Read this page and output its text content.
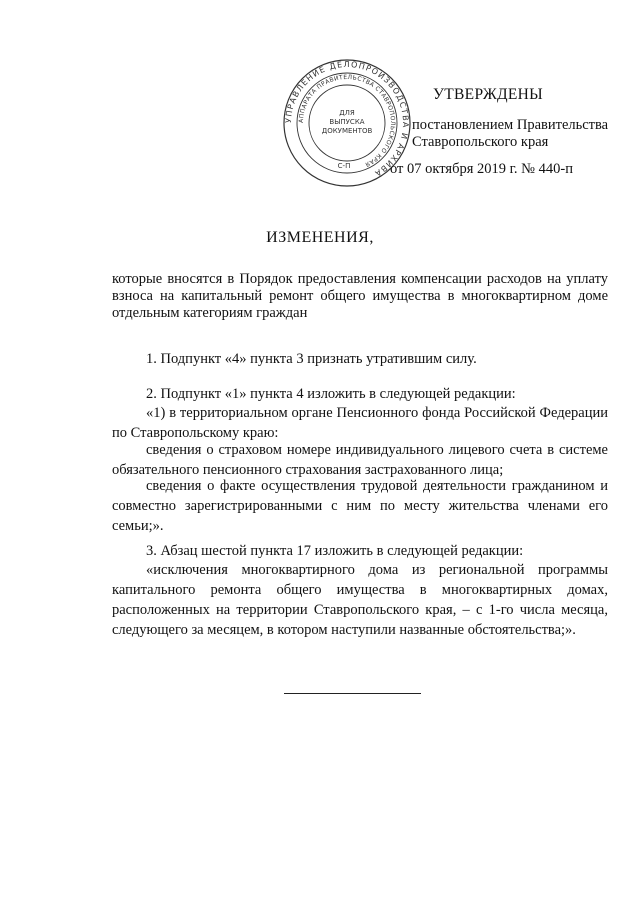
УПРАВЛЕНИЕ ДЕЛОПРОИЗВОДСТВА И АРХИВА
АППАРАТА ПРАВИТЕЛЬСТВА СТАВРОПОЛЬСКОГО КРАЯ
ДЛЯ
ВЫПУСКА
ДОКУМЕНТОВ
С-П
УТВЕРЖДЕНЫ
постановлением Правительства
Ставропольского края
от 07 октября 2019 г. № 440-п
ИЗМЕНЕНИЯ,
которые вносятся в Порядок предоставления компенсации расходов на уплату взноса на капитальный ремонт общего имущества в многоквартирном доме отдельным категориям граждан

1. Подпункт «4» пункта 3 признать утратившим силу.

2. Подпункт «1» пункта 4 изложить в следующей редакции:

«1) в территориальном органе Пенсионного фонда Российской Федерации по Ставропольскому краю:

сведения о страховом номере индивидуального лицевого счета в системе обязательного пенсионного страхования застрахованного лица;

сведения о факте осуществления трудовой деятельности гражданином и совместно зарегистрированными с ним по месту жительства членами его семьи;».

3. Абзац шестой пункта 17 изложить в следующей редакции:

«исключения многоквартирного дома из региональной программы капитального ремонта общего имущества в многоквартирных домах, расположенных на территории Ставропольского края, – с 1-го числа месяца, следующего за месяцем, в котором наступили названные обстоятельства;».
